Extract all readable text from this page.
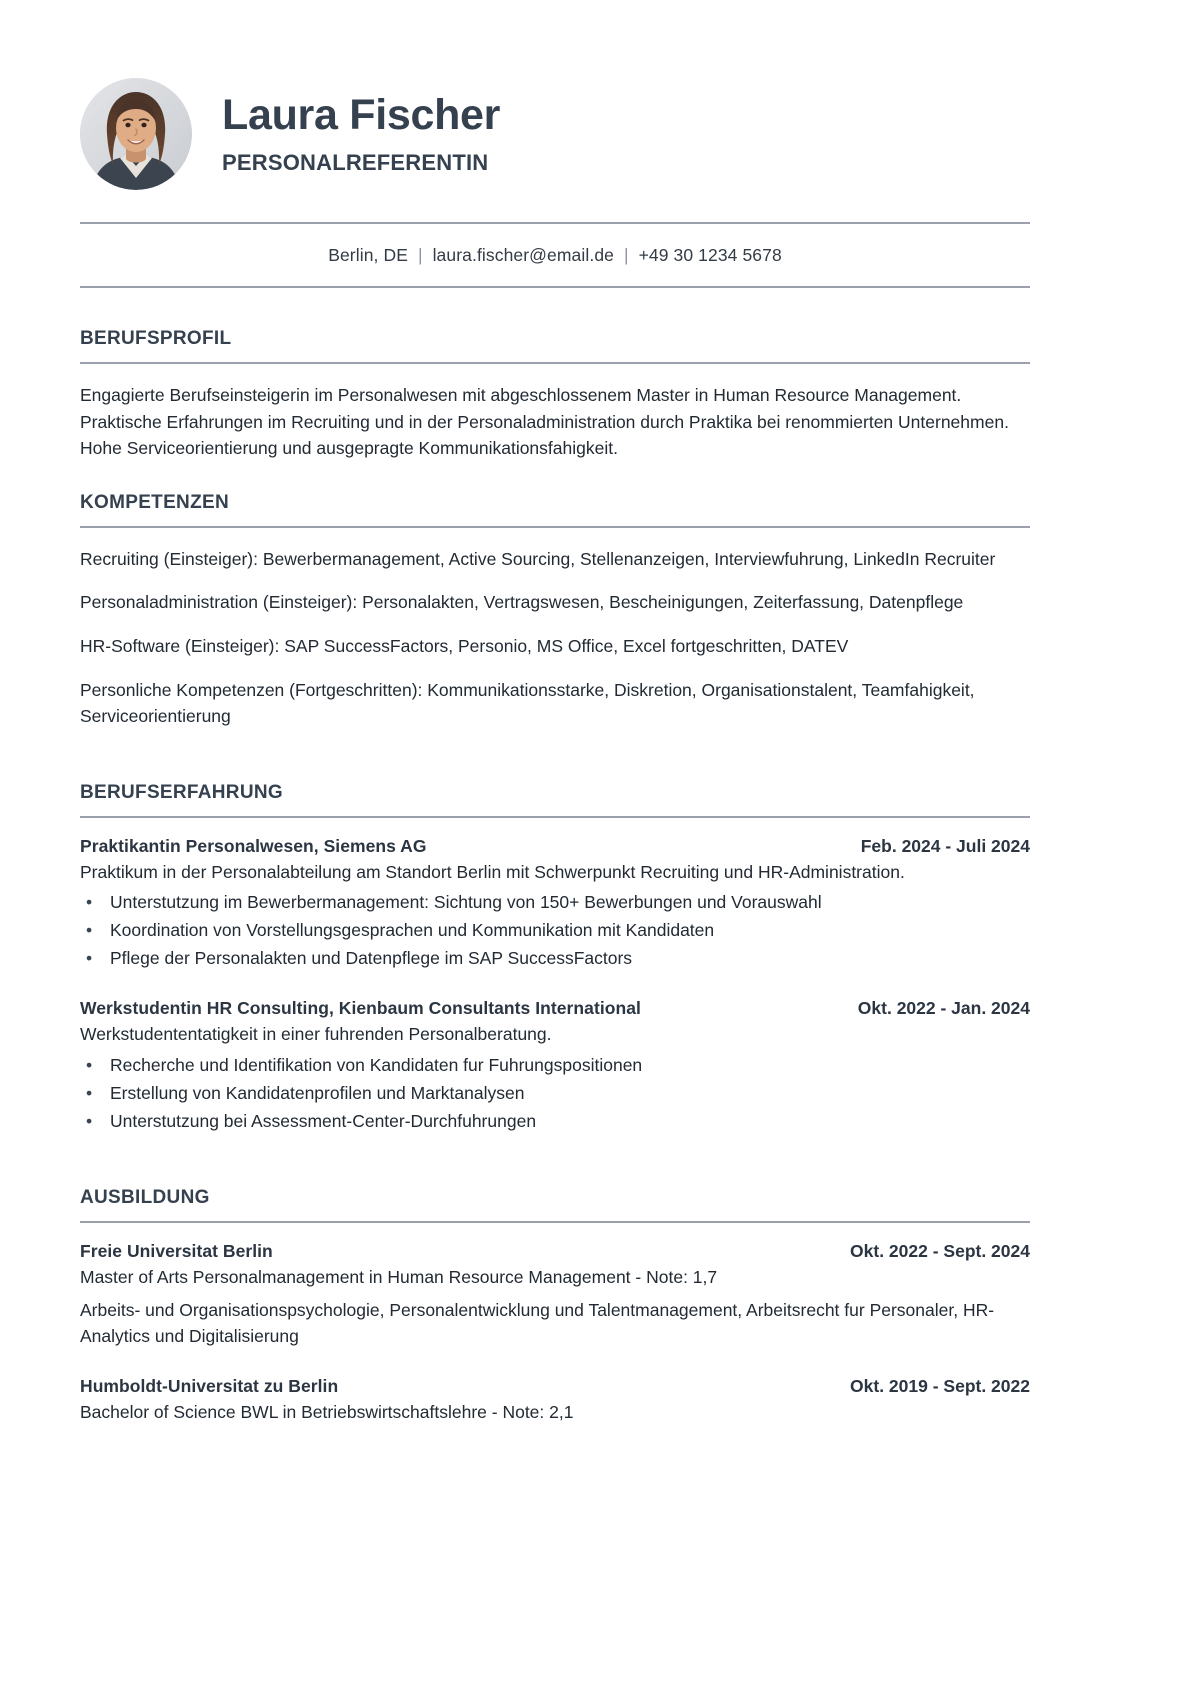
Laura Fischer
PERSONALREFERENTIN
Berlin, DE | laura.fischer@email.de | +49 30 1234 5678
BERUFSPROFIL

Engagierte Berufseinsteigerin im Personalwesen mit abgeschlossenem Master in Human Resource Management. Praktische Erfahrungen im Recruiting und in der Personaladministration durch Praktika bei renommierten Unternehmen. Hohe Serviceorientierung und ausgepragte Kommunikationsfahigkeit.

KOMPETENZEN

Recruiting (Einsteiger): Bewerbermanagement, Active Sourcing, Stellenanzeigen, Interviewfuhrung, LinkedIn Recruiter

Personaladministration (Einsteiger): Personalakten, Vertragswesen, Bescheinigungen, Zeiterfassung, Datenpflege

HR-Software (Einsteiger): SAP SuccessFactors, Personio, MS Office, Excel fortgeschritten, DATEV

Personliche Kompetenzen (Fortgeschritten): Kommunikationsstarke, Diskretion, Organisationstalent, Teamfahigkeit, Serviceorientierung

BERUFSERFAHRUNG
Praktikantin Personalwesen, Siemens AG	Feb. 2024 - Juli 2024

Praktikum in der Personalabteilung am Standort Berlin mit Schwerpunkt Recruiting und HR-Administration.

• Unterstutzung im Bewerbermanagement: Sichtung von 150+ Bewerbungen und Vorauswahl
• Koordination von Vorstellungsgesprachen und Kommunikation mit Kandidaten
• Pflege der Personalakten und Datenpflege im SAP SuccessFactors
Werkstudentin HR Consulting, Kienbaum Consultants International	Okt. 2022 - Jan. 2024

Werkstudententatigkeit in einer fuhrenden Personalberatung.

• Recherche und Identifikation von Kandidaten fur Fuhrungspositionen
• Erstellung von Kandidatenprofilen und Marktanalysen
• Unterstutzung bei Assessment-Center-Durchfuhrungen
AUSBILDUNG
Freie Universitat Berlin	Okt. 2022 - Sept. 2024

Master of Arts Personalmanagement in Human Resource Management - Note: 1,7

Arbeits- und Organisationspsychologie, Personalentwicklung und Talentmanagement, Arbeitsrecht fur Personaler, HR-Analytics und Digitalisierung

Humboldt-Universitat zu Berlin	Okt. 2019 - Sept. 2022

Bachelor of Science BWL in Betriebswirtschaftslehre - Note: 2,1
